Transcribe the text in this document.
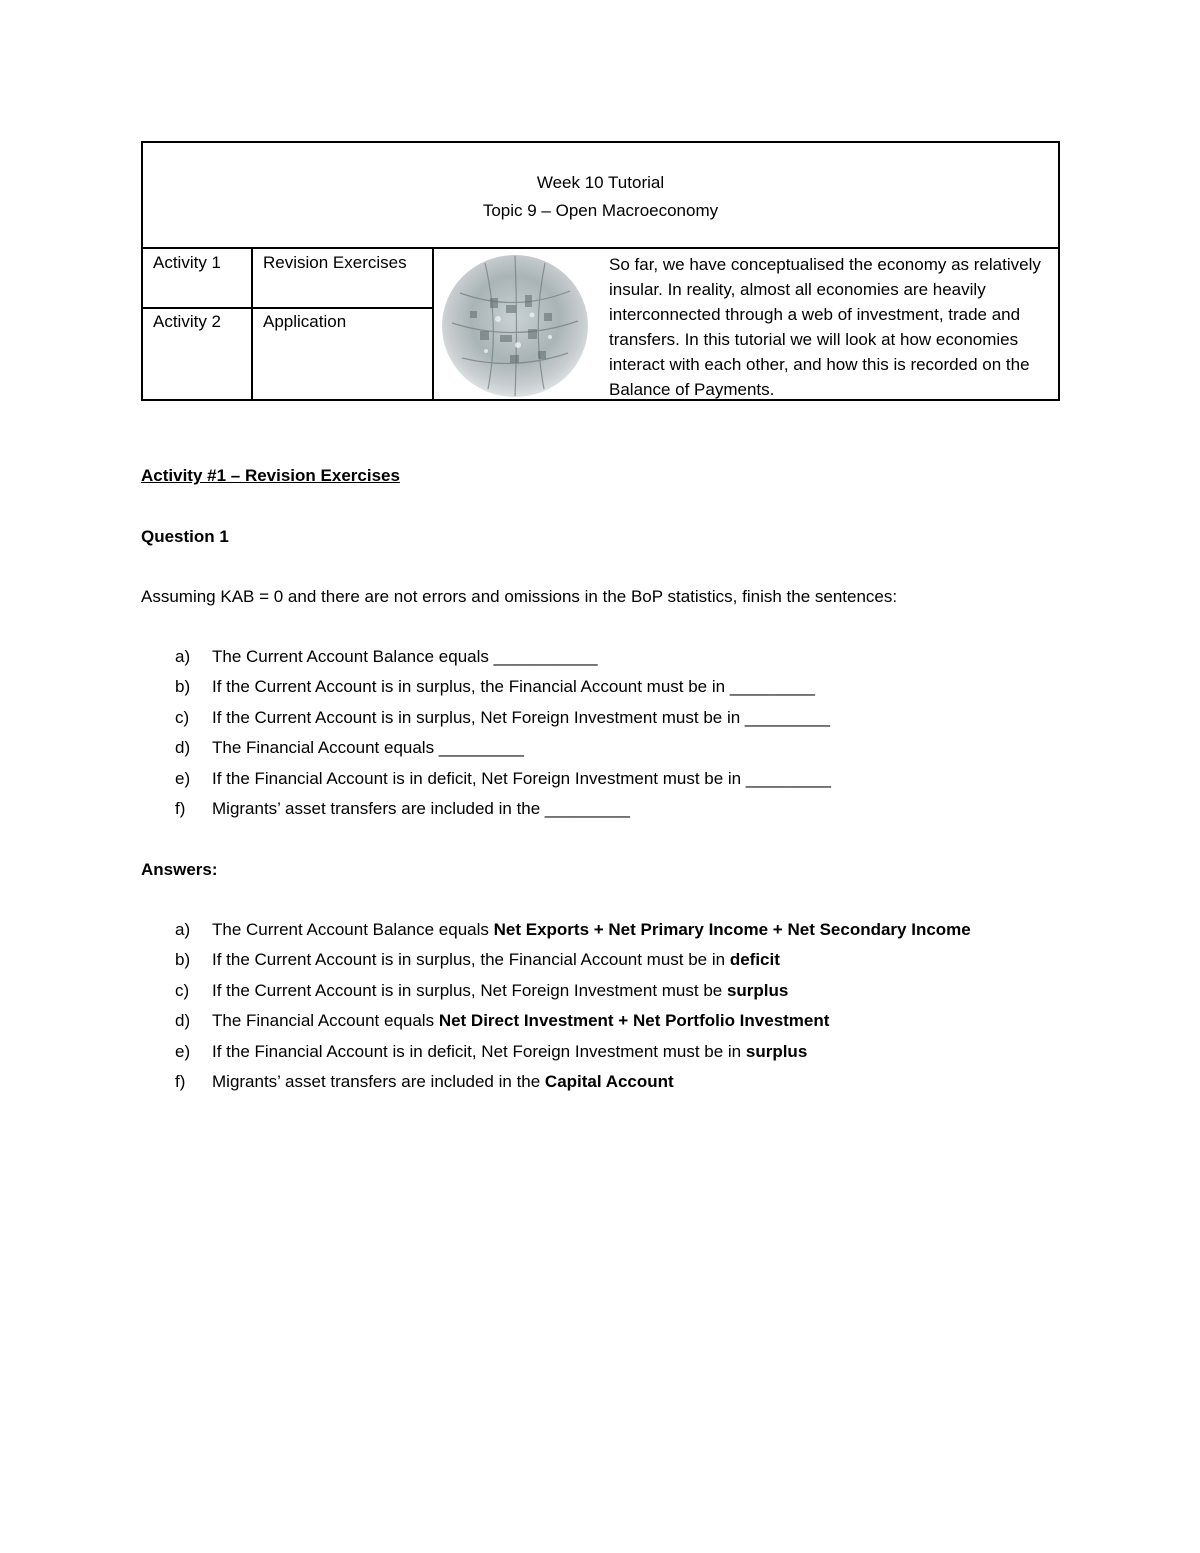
Week 10 Tutorial
Topic 9 – Open Macroeconomy
Activity 1 Revision Exercises
Activity 2 Application
So far, we have conceptualised the economy as relatively insular. In reality, almost all economies are heavily interconnected through a web of investment, trade and transfers. In this tutorial we will look at how economies interact with each other, and how this is recorded on the Balance of Payments.
Activity #1 – Revision Exercises
Question 1
Assuming KAB = 0 and there are not errors and omissions in the BoP statistics, finish the sentences:
a)	The Current Account Balance equals ___________
b)	If the Current Account is in surplus, the Financial Account must be in _________
c)	If the Current Account is in surplus, Net Foreign Investment must be in _________
d)	The Financial Account equals _________
e)	If the Financial Account is in deficit, Net Foreign Investment must be in _________
f)	Migrants’ asset transfers are included in the _________
Answers:
a)	The Current Account Balance equals Net Exports + Net Primary Income + Net Secondary Income
b)	If the Current Account is in surplus, the Financial Account must be in deficit
c)	If the Current Account is in surplus, Net Foreign Investment must be surplus
d)	The Financial Account equals Net Direct Investment + Net Portfolio Investment
e)	If the Financial Account is in deficit, Net Foreign Investment must be in surplus
f)	Migrants’ asset transfers are included in the Capital Account
